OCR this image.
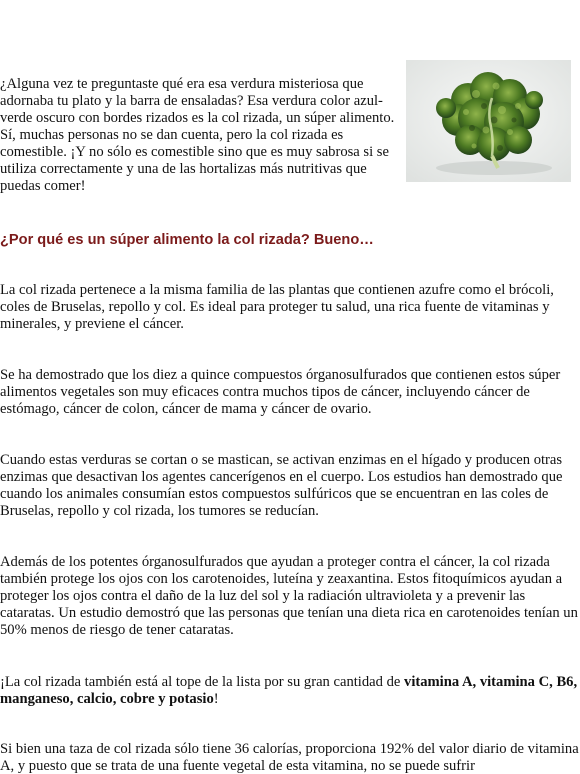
¿Alguna vez te preguntaste qué era esa verdura misteriosa que adornaba tu plato y la barra de ensaladas? Esa verdura color azul-verde oscuro con bordes rizados es la col rizada, un súper alimento. Sí, muchas personas no se dan cuenta, pero la col rizada es comestible. ¡Y no sólo es comestible sino que es muy sabrosa si se utiliza correctamente y una de las hortalizas más nutritivas que puedas comer!

¿Por qué es un súper alimento la col rizada? Bueno…

La col rizada pertenece a la misma familia de las plantas que contienen azufre como el brócoli, coles de Bruselas, repollo y col. Es ideal para proteger tu salud, una rica fuente de vitaminas y minerales, y previene el cáncer.

Se ha demostrado que los diez a quince compuestos órganosulfurados que contienen estos súper alimentos vegetales son muy eficaces contra muchos tipos de cáncer, incluyendo cáncer de estómago, cáncer de colon, cáncer de mama y cáncer de ovario.

Cuando estas verduras se cortan o se mastican, se activan enzimas en el hígado y producen otras enzimas que desactivan los agentes cancerígenos en el cuerpo. Los estudios han demostrado que cuando los animales consumían estos compuestos sulfúricos que se encuentran en las coles de Bruselas, repollo y col rizada, los tumores se reducían.

Además de los potentes órganosulfurados que ayudan a proteger contra el cáncer, la col rizada también protege los ojos con los carotenoides, luteína y zeaxantina. Estos fitoquímicos ayudan a proteger los ojos contra el daño de la luz del sol y la radiación ultravioleta y a prevenir las cataratas. Un estudio demostró que las personas que tenían una dieta rica en carotenoides tenían un 50% menos de riesgo de tener cataratas.

¡La col rizada también está al tope de la lista por su gran cantidad de vitamina A, vitamina C, B6, manganeso, calcio, cobre y potasio!

Si bien una taza de col rizada sólo tiene 36 calorías, proporciona 192% del valor diario de vitamina A, y puesto que se trata de una fuente vegetal de esta vitamina, no se puede sufrir
